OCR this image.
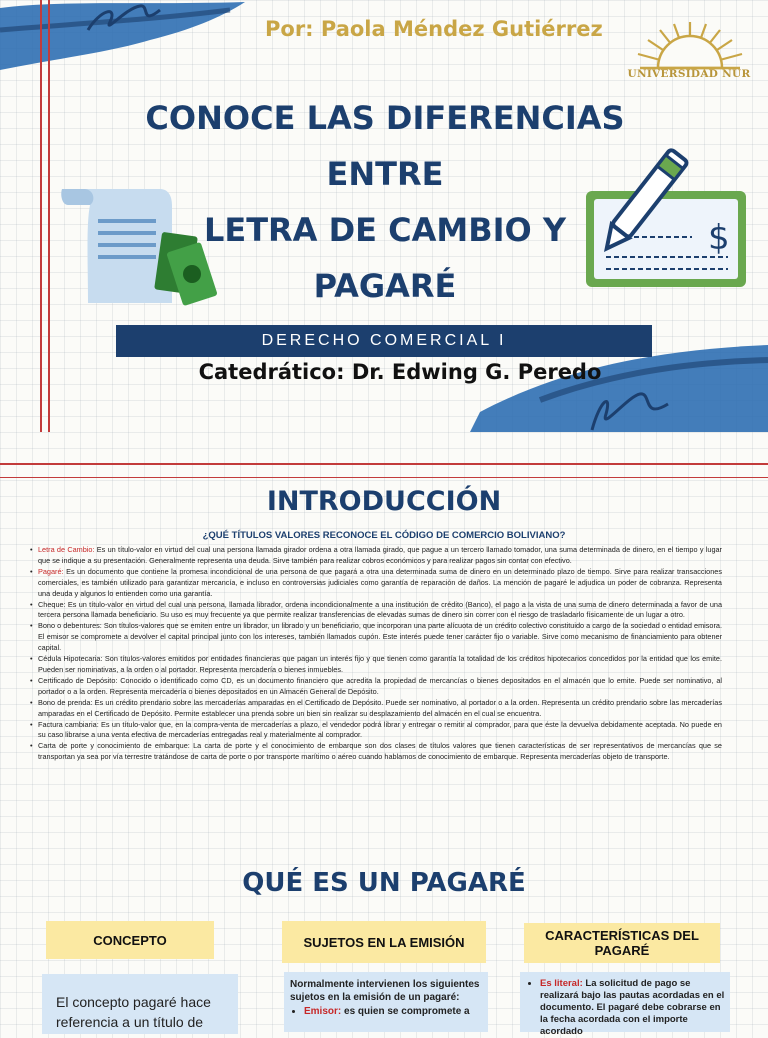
Por: Paola Méndez Gutiérrez
UNIVERSIDAD NUR
$
CONOCE LAS DIFERENCIAS
ENTRE
LETRA DE CAMBIO Y
PAGARÉ
DERECHO COMERCIAL I
Catedrático: Dr. Edwing G. Peredo
INTRODUCCIÓN
¿QUÉ TÍTULOS VALORES RECONOCE EL CÓDIGO DE COMERCIO BOLIVIANO?
• Letra de Cambio: Es un título-valor en virtud del cual una persona llamada girador ordena a otra llamada girado, que pague a un tercero llamado tomador, una suma determinada de dinero, en el tiempo y lugar que se indique a su presentación. Generalmente representa una deuda. Sirve también para realizar cobros económicos y para realizar pagos sin contar con efectivo.
• Pagaré: Es un documento que contiene la promesa incondicional de una persona de que pagará a otra una determinada suma de dinero en un determinado plazo de tiempo. Sirve para realizar transacciones comerciales, es también utilizado para garantizar mercancía, e incluso en controversias judiciales como garantía de reparación de daños. La mención de pagaré le adjudica un poder de cobranza. Representa una deuda y algunos lo entienden como una garantía.
• Cheque: Es un título-valor en virtud del cual una persona, llamada librador, ordena incondicionalmente a una institución de crédito (Banco), el pago a la vista de una suma de dinero determinada a favor de una tercera persona llamada beneficiario. Su uso es muy frecuente ya que permite realizar transferencias de elevadas sumas de dinero sin correr con el riesgo de trasladarlo físicamente de un lugar a otro.
• Bono o debentures: Son títulos-valores que se emiten entre un librador, un librado y un beneficiario, que incorporan una parte alícuota de un crédito colectivo constituido a cargo de la sociedad o entidad emisora. El emisor se compromete a devolver el capital principal junto con los intereses, también llamados cupón. Este interés puede tener carácter fijo o variable. Sirve como mecanismo de financiamiento para obtener capital.
• Cédula Hipotecaria: Son títulos-valores emitidos por entidades financieras que pagan un interés fijo y que tienen como garantía la totalidad de los créditos hipotecarios concedidos por la entidad que los emite. Pueden ser nominativas, a la orden o al portador. Representa mercadería o bienes inmuebles.
• Certificado de Depósito: Conocido o identificado como CD, es un documento financiero que acredita la propiedad de mercancías o bienes depositados en el almacén que lo emite. Puede ser nominativo, al portador o a la orden. Representa mercadería o bienes depositados en un Almacén General de Depósito.
• Bono de prenda: Es un crédito prendario sobre las mercaderías amparadas en el Certificado de Depósito. Puede ser nominativo, al portador o a la orden. Representa un crédito prendario sobre las mercaderías amparadas en el Certificado de Depósito. Permite establecer una prenda sobre un bien sin realizar su desplazamiento del almacén en el cual se encuentra.
• Factura cambiaria: Es un título-valor que, en la compra-venta de mercaderías a plazo, el vendedor podrá librar y entregar o remitir al comprador, para que éste la devuelva debidamente aceptada. No puede en su caso librarse a una venta efectiva de mercaderías entregadas real y materialmente al comprador.
• Carta de porte y conocimiento de embarque: La carta de porte y el conocimiento de embarque son dos clases de títulos valores que tienen características de ser representativos de mercancías que se transportan ya sea por vía terrestre tratándose de carta de porte o por transporte marítimo o aéreo cuando hablamos de conocimiento de embarque. Representa mercaderías objeto de transporte.
QUÉ ES UN PAGARÉ
CONCEPTO	SUJETOS EN LA EMISIÓN	CARACTERÍSTICAS DEL PAGARÉ
El concepto pagaré hace referencia a un título de
Normalmente intervienen los siguientes sujetos en la emisión de un pagaré:
• Emisor: es quien se compromete a
• Es literal: La solicitud de pago se realizará bajo las pautas acordadas en el documento. El pagaré debe cobrarse en la fecha acordada con el importe acordado
